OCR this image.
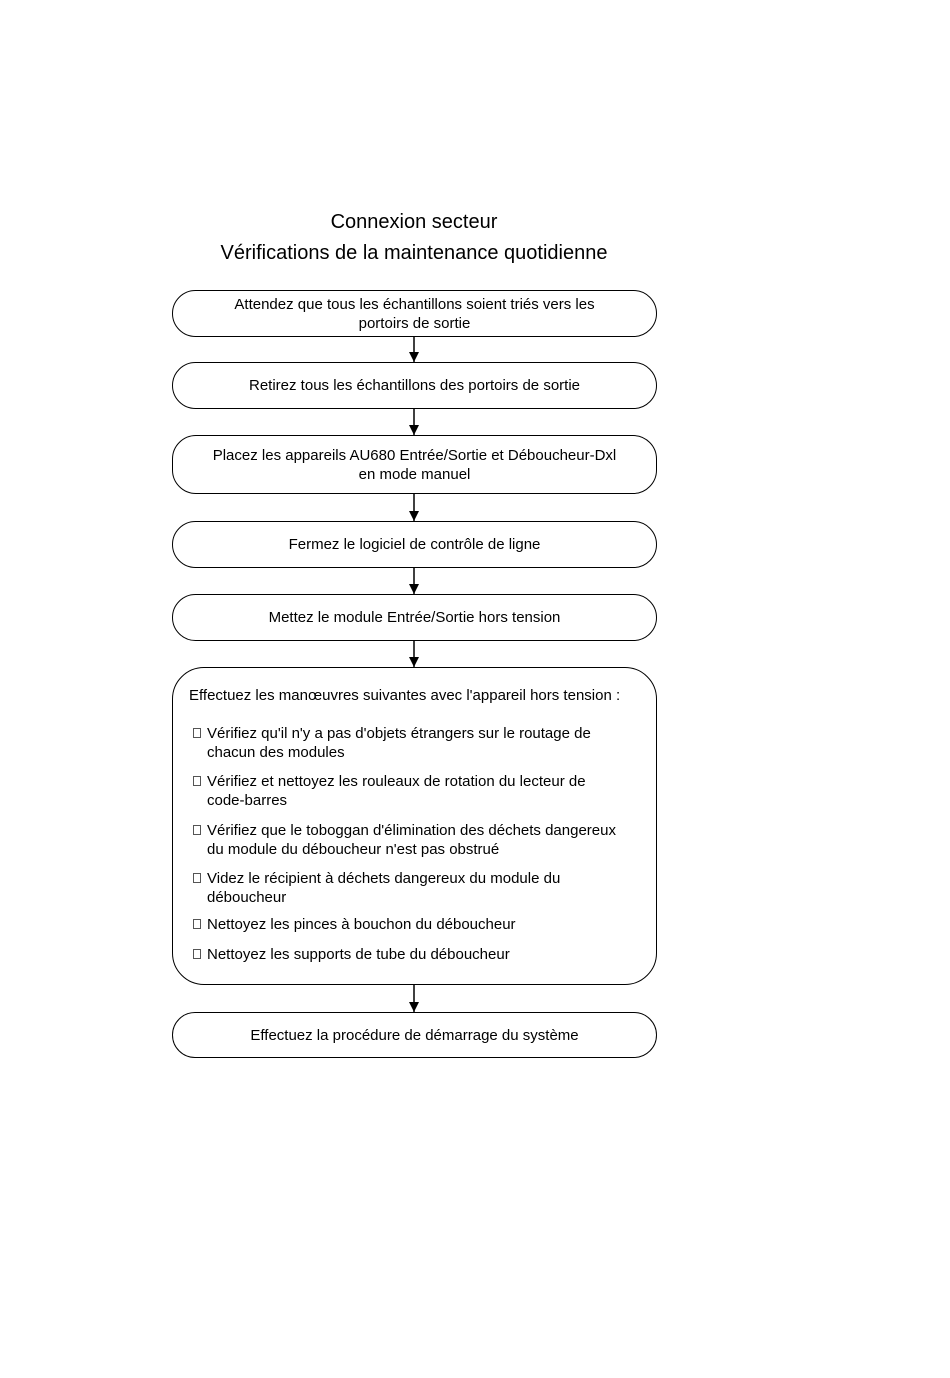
Connexion secteur
Vérifications de la maintenance quotidienne
Attendez que tous les échantillons soient triés vers les
portoirs de sortie
Retirez tous les échantillons des portoirs de sortie
Placez les appareils AU680 Entrée/Sortie et Déboucheur-Dxl
en mode manuel
Fermez le logiciel de contrôle de ligne
Mettez le module Entrée/Sortie hors tension
Effectuez les manœuvres suivantes avec l'appareil hors tension :
Vérifiez qu'il n'y a pas d'objets étrangers sur le routage de
chacun des modules
Vérifiez et nettoyez les rouleaux de rotation du lecteur de
code-barres
Vérifiez que le toboggan d'élimination des déchets dangereux
du module du déboucheur n'est pas obstrué
Videz le récipient à déchets dangereux du module du
déboucheur
Nettoyez les pinces à bouchon du déboucheur
Nettoyez les supports de tube du déboucheur
Effectuez la procédure de démarrage du système
